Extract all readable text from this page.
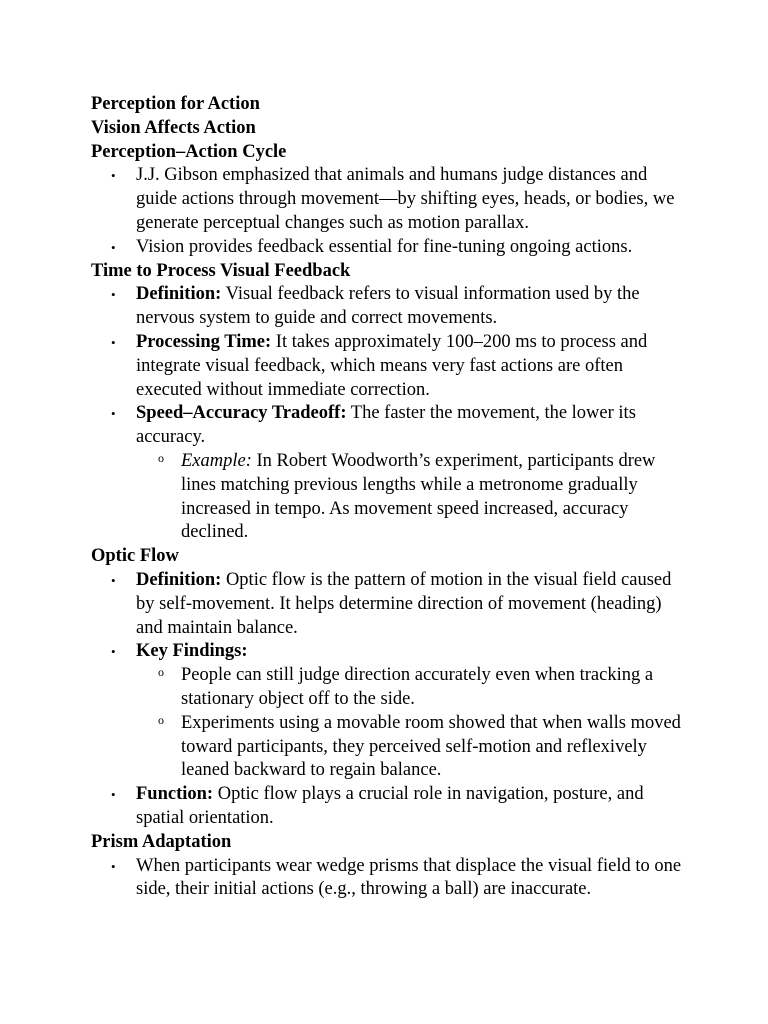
Perception for Action
Vision Affects Action
Perception–Action Cycle
• J.J. Gibson emphasized that animals and humans judge distances and guide actions through movement—by shifting eyes, heads, or bodies, we generate perceptual changes such as motion parallax.
• Vision provides feedback essential for fine-tuning ongoing actions.
Time to Process Visual Feedback
• Definition: Visual feedback refers to visual information used by the nervous system to guide and correct movements.
• Processing Time: It takes approximately 100–200 ms to process and integrate visual feedback, which means very fast actions are often executed without immediate correction.
• Speed–Accuracy Tradeoff: The faster the movement, the lower its accuracy.
o Example: In Robert Woodworth’s experiment, participants drew lines matching previous lengths while a metronome gradually increased in tempo. As movement speed increased, accuracy declined.
Optic Flow
• Definition: Optic flow is the pattern of motion in the visual field caused by self-movement. It helps determine direction of movement (heading) and maintain balance.
• Key Findings:
o People can still judge direction accurately even when tracking a stationary object off to the side.
o Experiments using a movable room showed that when walls moved toward participants, they perceived self-motion and reflexively leaned backward to regain balance.
• Function: Optic flow plays a crucial role in navigation, posture, and spatial orientation.
Prism Adaptation
• When participants wear wedge prisms that displace the visual field to one side, their initial actions (e.g., throwing a ball) are inaccurate.
